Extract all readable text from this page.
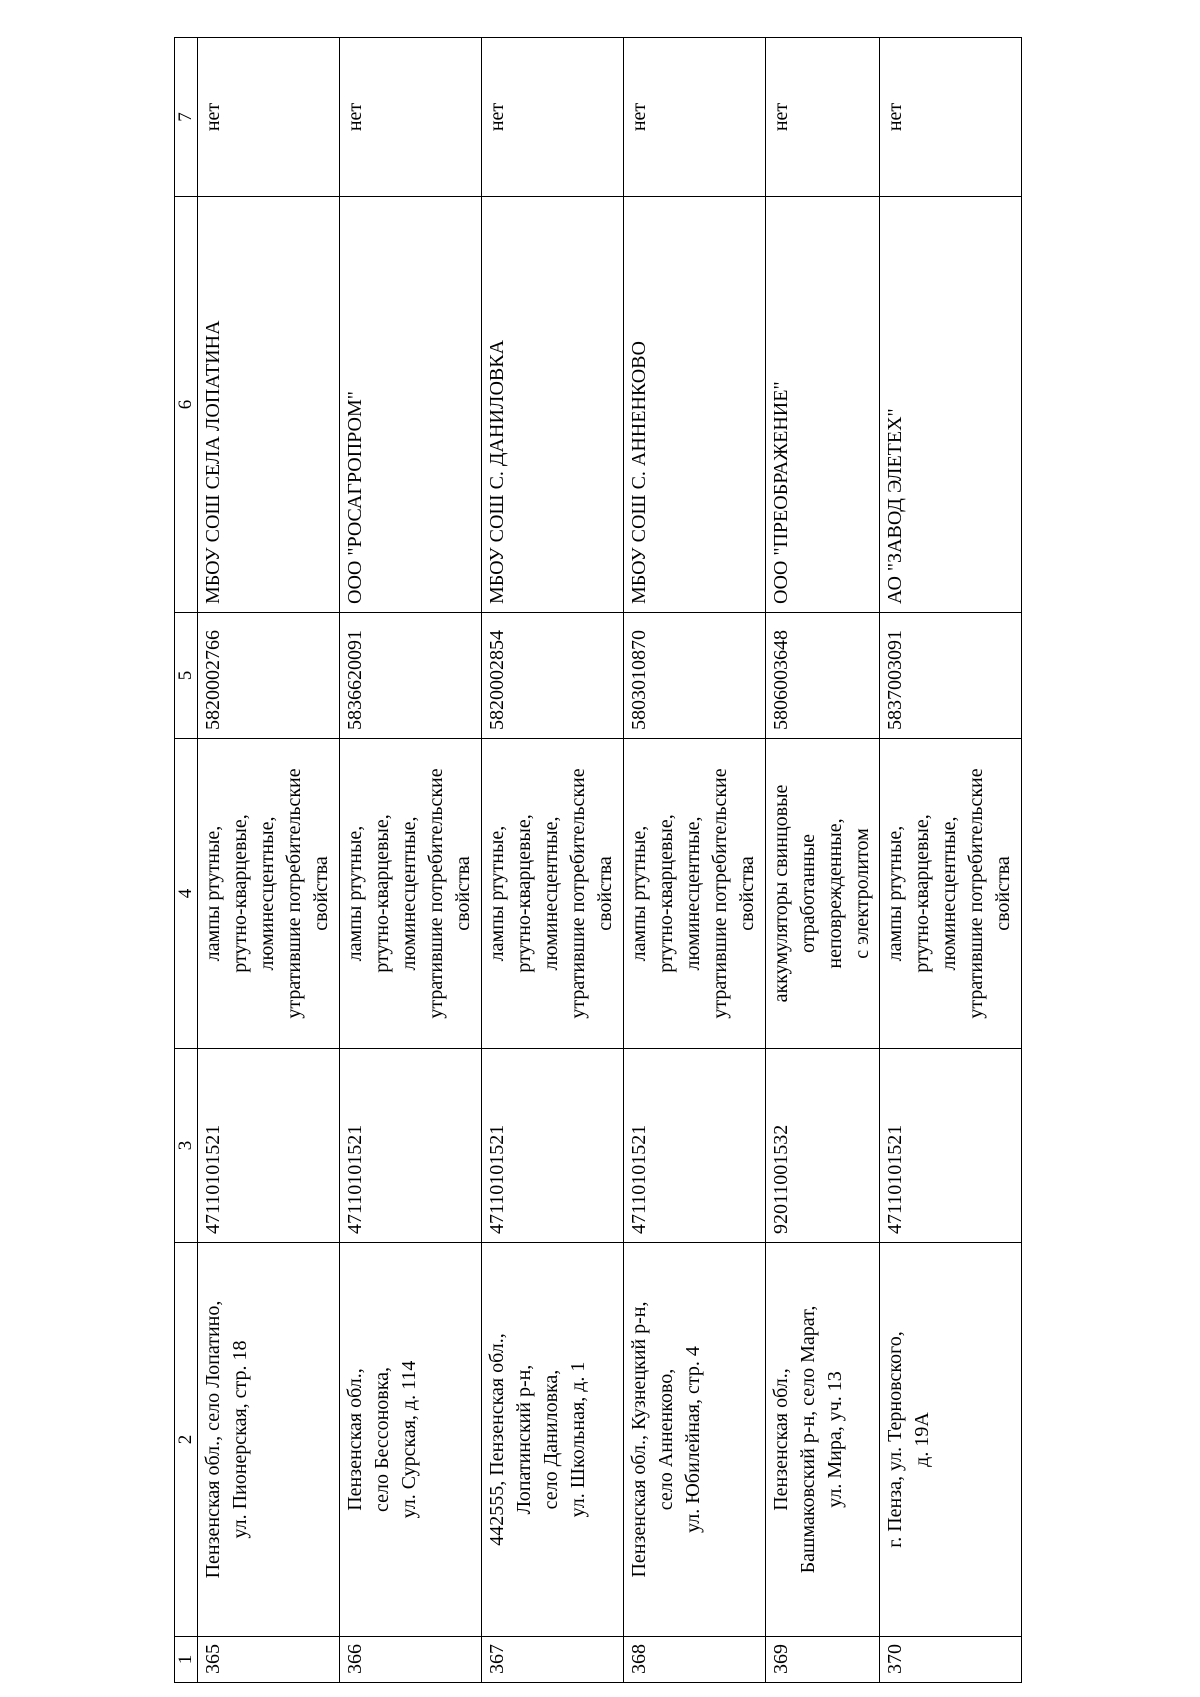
1	2	3	4	5	6	7
365	Пензенская обл., село Лопатино, ул. Пионерская, стр. 18	47110101521	лампы ртутные, ртутно-кварцевые, люминесцентные, утратившие потребительские свойства	5820002766	МБОУ СОШ СЕЛА ЛОПАТИНА	нет
366	Пензенская обл., село Бессоновка, ул. Сурская, д. 114	47110101521	лампы ртутные, ртутно-кварцевые, люминесцентные, утратившие потребительские свойства	5836620091	ООО "РОСАГРОПРОМ"	нет
367	442555, Пензенская обл., Лопатинский р-н, село Даниловка, ул. Школьная, д. 1	47110101521	лампы ртутные, ртутно-кварцевые, люминесцентные, утратившие потребительские свойства	5820002854	МБОУ СОШ С. ДАНИЛОВКА	нет
368	Пензенская обл., Кузнецкий р-н, село Анненково, ул. Юбилейная, стр. 4	47110101521	лампы ртутные, ртутно-кварцевые, люминесцентные, утратившие потребительские свойства	5803010870	МБОУ СОШ С. АННЕНКОВО	нет
369	Пензенская обл., Башмаковский р-н, село Марат, ул. Мира, уч. 13	92011001532	аккумуляторы свинцовые отработанные неповрежденные, с электролитом	5806003648	ООО "ПРЕОБРАЖЕНИЕ"	нет
370	г. Пенза, ул. Терновского, д. 19А	47110101521	лампы ртутные, ртутно-кварцевые, люминесцентные, утратившие потребительские свойства	5837003091	АО "ЗАВОД ЭЛЕТЕХ"	нет
